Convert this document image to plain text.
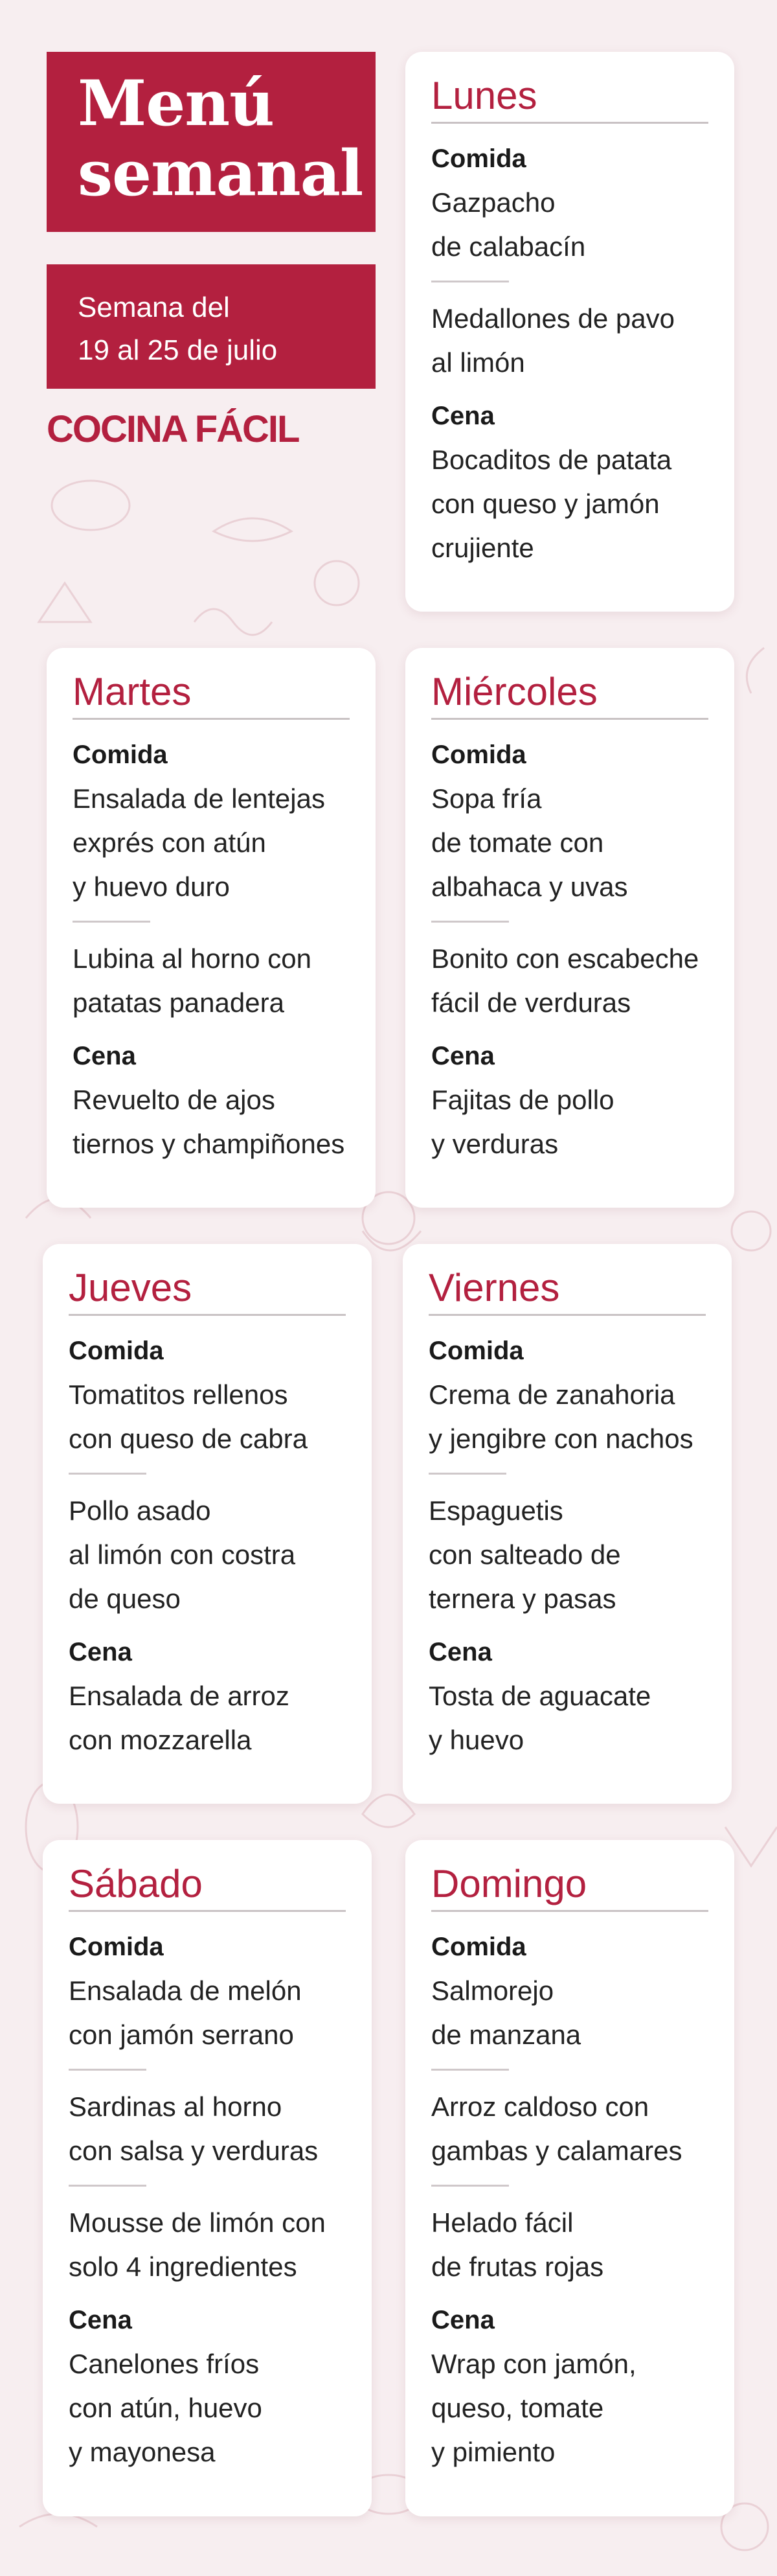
Menú
semanal
Semana del
19 al 25 de julio
COCINA FÁCIL
Lunes
Comida
Gazpacho
de calabacín
Medallones de pavo
al limón
Cena
Bocaditos de patata
con queso y jamón
crujiente
Martes
Comida
Ensalada de lentejas
exprés con atún
y huevo duro
Lubina al horno con
patatas panadera
Cena
Revuelto de ajos
tiernos y champiñones
Miércoles
Comida
Sopa fría
de tomate con
albahaca y uvas
Bonito con escabeche
fácil de verduras
Cena
Fajitas de pollo
y verduras
Jueves
Comida
Tomatitos rellenos
con queso de cabra
Pollo asado
al limón con costra
de queso
Cena
Ensalada de arroz
con mozzarella
Viernes
Comida
Crema de zanahoria
y jengibre con nachos
Espaguetis
con salteado de
ternera y pasas
Cena
Tosta de aguacate
y huevo
Sábado
Comida
Ensalada de melón
con jamón serrano
Sardinas al horno
con salsa y verduras
Mousse de limón con
solo 4 ingredientes
Cena
Canelones fríos
con atún, huevo
y mayonesa
Domingo
Comida
Salmorejo
de manzana
Arroz caldoso con
gambas y calamares
Helado fácil
de frutas rojas
Cena
Wrap con jamón,
queso, tomate
y pimiento
